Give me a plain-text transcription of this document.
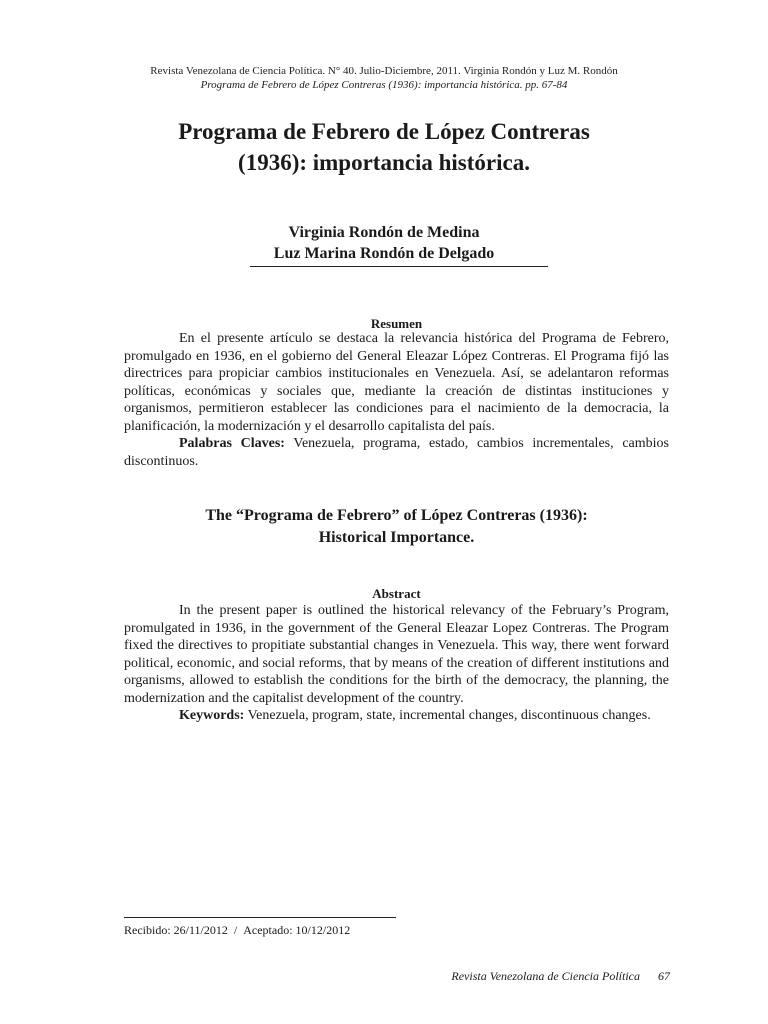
Revista Venezolana de Ciencia Política. N° 40. Julio-Diciembre, 2011. Virginia Rondón y Luz M. Rondón
Programa de Febrero de López Contreras (1936): importancia histórica. pp. 67-84
Programa de Febrero de López Contreras
(1936): importancia histórica.
Virginia Rondón de Medina
Luz Marina Rondón de Delgado
Resumen

En el presente artículo se destaca la relevancia histórica del Programa de Febrero, promulgado en 1936, en el gobierno del General Eleazar López Contreras. El Programa fijó las directrices para propiciar cambios institucionales en Venezuela. Así, se adelantaron reformas políticas, económicas y sociales que, mediante la creación de distintas instituciones y organismos, permitieron establecer las condiciones para el nacimiento de la democracia, la planificación, la modernización y el desarrollo capitalista del país.

Palabras Claves: Venezuela, programa, estado, cambios incrementales, cambios discontinuos.

The “Programa de Febrero” of López Contreras (1936):
Historical Importance.
Abstract

In the present paper is outlined the historical relevancy of the February’s Program, promulgated in 1936, in the government of the General Eleazar Lopez Contreras. The Program fixed the directives to propitiate substantial changes in Venezuela. This way, there went forward political, economic, and social reforms, that by means of the creation of different institutions and organisms, allowed to establish the conditions for the birth of the democracy, the planning, the modernization and the capitalist development of the country.

Keywords: Venezuela, program, state, incremental changes, discontinuous changes.

Recibido: 26/11/2012 / Aceptado: 10/12/2012
Revista Venezolana de Ciencia Política 67
